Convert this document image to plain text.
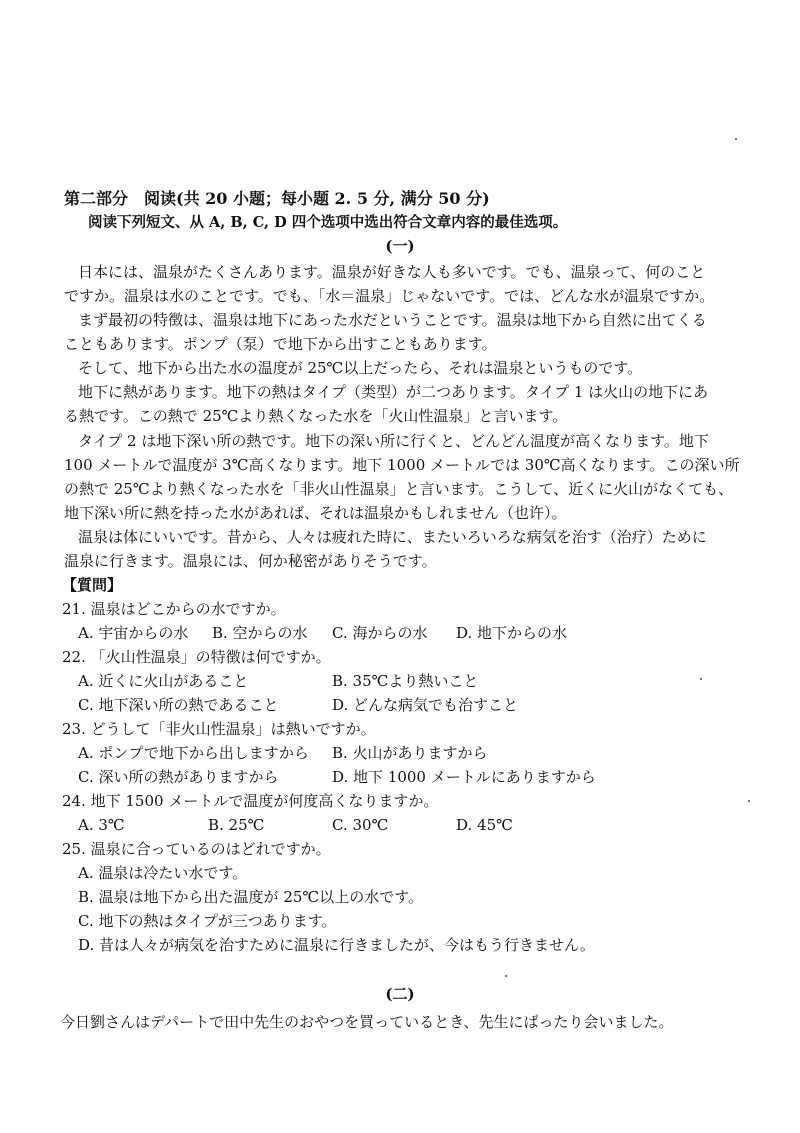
第二部分　阅读(共 20 小题；每小题 2. 5 分, 满分 50 分)
阅读下列短文、从 A, B, C, D 四个选项中选出符合文章内容的最佳选项。
(一)
日本には、温泉がたくさんあります。温泉が好きな人も多いです。でも、温泉って、何のこと
ですか。温泉は水のことです。でも、「水＝温泉」じゃないです。では、どんな水が温泉ですか。
まず最初の特徴は、温泉は地下にあった水だということです。温泉は地下から自然に出てくる
こともあります。ポンプ（泵）で地下から出すこともあります。
そして、地下から出た水の温度が 25℃以上だったら、それは温泉というものです。
地下に熱があります。地下の熱はタイプ（类型）が二つあります。タイプ 1 は火山の地下にあ
る熱です。この熱で 25℃より熱くなった水を「火山性温泉」と言います。
タイプ 2 は地下深い所の熱です。地下の深い所に行くと、どんどん温度が高くなります。地下
100 メートルで温度が 3℃高くなります。地下 1000 メートルでは 30℃高くなります。この深い所
の熱で 25℃より熱くなった水を「非火山性温泉」と言います。こうして、近くに火山がなくても、
地下深い所に熱を持った水があれば、それは温泉かもしれません（也许）。
温泉は体にいいです。昔から、人々は疲れた時に、またいろいろな病気を治す（治疗）ために
温泉に行きます。温泉には、何か秘密がありそうです。
【質問】
21. 温泉はどこからの水ですか。
A. 宇宙からの水 B. 空からの水 C. 海からの水 D. 地下からの水
22. 「火山性温泉」の特徴は何ですか。
A. 近くに火山があること	B. 35℃より熱いこと
C. 地下深い所の熱であること	D. どんな病気でも治すこと
23. どうして「非火山性温泉」は熱いですか。
A. ポンプで地下から出しますから B. 火山がありますから
C. 深い所の熱がありますから	D. 地下 1000 メートルにありますから
24. 地下 1500 メートルで温度が何度高くなりますか。
A. 3℃	B. 25℃	C. 30℃	D. 45℃
25. 温泉に合っているのはどれですか。
A. 温泉は冷たい水です。
B. 温泉は地下から出た温度が 25℃以上の水です。
C. 地下の熱はタイプが三つあります。
D. 昔は人々が病気を治すために温泉に行きましたが、今はもう行きません。
(二)
今日劉さんはデパートで田中先生のおやつを買っているとき、先生にばったり会いました。
